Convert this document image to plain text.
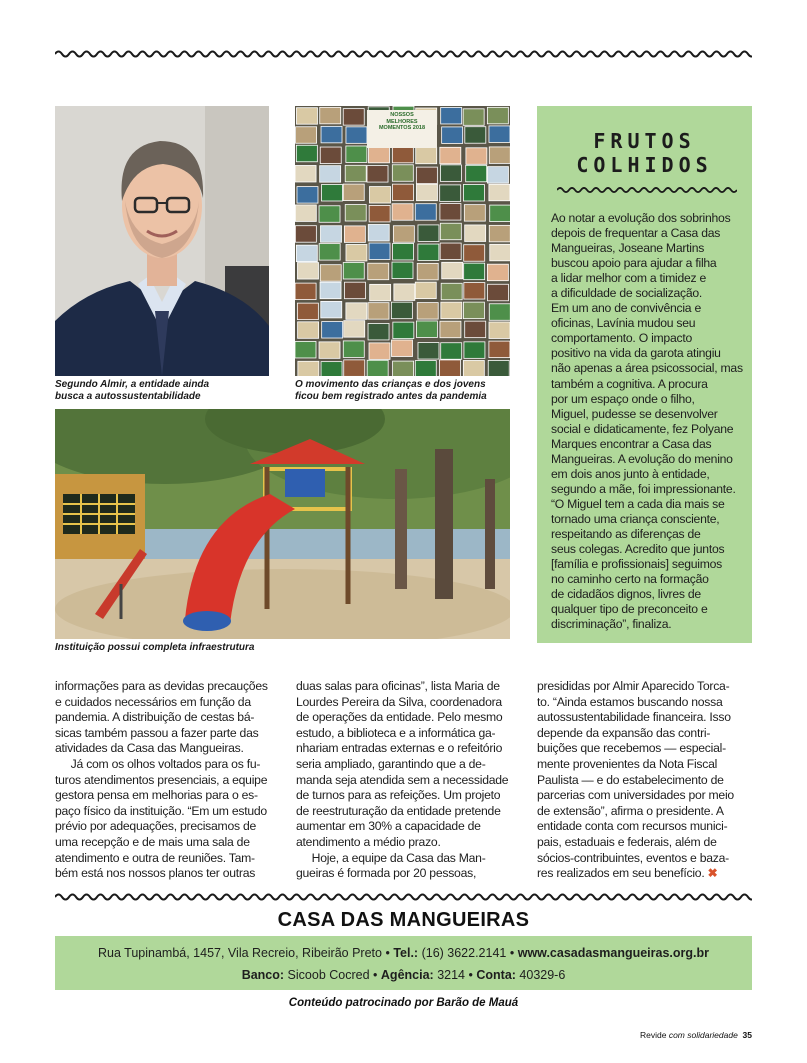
Segundo Almir, a entidade ainda
busca a autossustentabilidade
NOSSOS
MELHORES
MOMENTOS 2018
O movimento das crianças e dos jovens
ficou bem registrado antes da pandemia
Instituição possui completa infraestrutura
FRUTOS
COLHIDOS

Ao notar a evolução dos sobrinhos

depois de frequentar a Casa das

Mangueiras, Joseane Martins

buscou apoio para ajudar a filha

a lidar melhor com a timidez e

a dificuldade de socialização.

Em um ano de convivência e

oficinas, Lavínia mudou seu

comportamento. O impacto

positivo na vida da garota atingiu

não apenas a área psicossocial, mas

também a cognitiva. A procura

por um espaço onde o filho,

Miguel, pudesse se desenvolver

social e didaticamente, fez Polyane

Marques encontrar a Casa das

Mangueiras. A evolução do menino

em dois anos junto à entidade,

segundo a mãe, foi impressionante.

“O Miguel tem a cada dia mais se

tornado uma criança consciente,

respeitando as diferenças de

seus colegas. Acredito que juntos

[família e profissionais] seguimos

no caminho certo na formação

de cidadãos dignos, livres de

qualquer tipo de preconceito e

discriminação”, finaliza.

informações para as devidas precauções

e cuidados necessários em função da

pandemia. A distribuição de cestas bá-

sicas também passou a fazer parte das

atividades da Casa das Mangueiras.

Já com os olhos voltados para os fu-

turos atendimentos presenciais, a equipe

gestora pensa em melhorias para o es-

paço físico da instituição. “Em um estudo

prévio por adequações, precisamos de

uma recepção e de mais uma sala de

atendimento e outra de reuniões. Tam-

bém está nos nossos planos ter outras

duas salas para oficinas”, lista Maria de

Lourdes Pereira da Silva, coordenadora

de operações da entidade. Pelo mesmo

estudo, a biblioteca e a informática ga-

nhariam entradas externas e o refeitório

seria ampliado, garantindo que a de-

manda seja atendida sem a necessidade

de turnos para as refeições. Um projeto

de reestruturação da entidade pretende

aumentar em 30% a capacidade de

atendimento a médio prazo.

Hoje, a equipe da Casa das Man-

gueiras é formada por 20 pessoas,

presididas por Almir Aparecido Torca-

to. “Ainda estamos buscando nossa

autossustentabilidade financeira. Isso

depende da expansão das contri-

buições que recebemos — especial-

mente provenientes da Nota Fiscal

Paulista — e do estabelecimento de

parcerias com universidades por meio

de extensão”, afirma o presidente. A

entidade conta com recursos munici-

pais, estaduais e federais, além de

sócios-contribuintes, eventos e baza-

res realizados em seu benefício. ✖

CASA DAS MANGUEIRAS
Rua Tupinambá, 1457, Vila Recreio, Ribeirão Preto • Tel.: (16) 3622.2141 • www.casadasmangueiras.org.br
Banco: Sicoob Cocred • Agência: 3214 • Conta: 40329-6
Conteúdo patrocinado por Barão de Mauá
Revide com solidariedade 35
